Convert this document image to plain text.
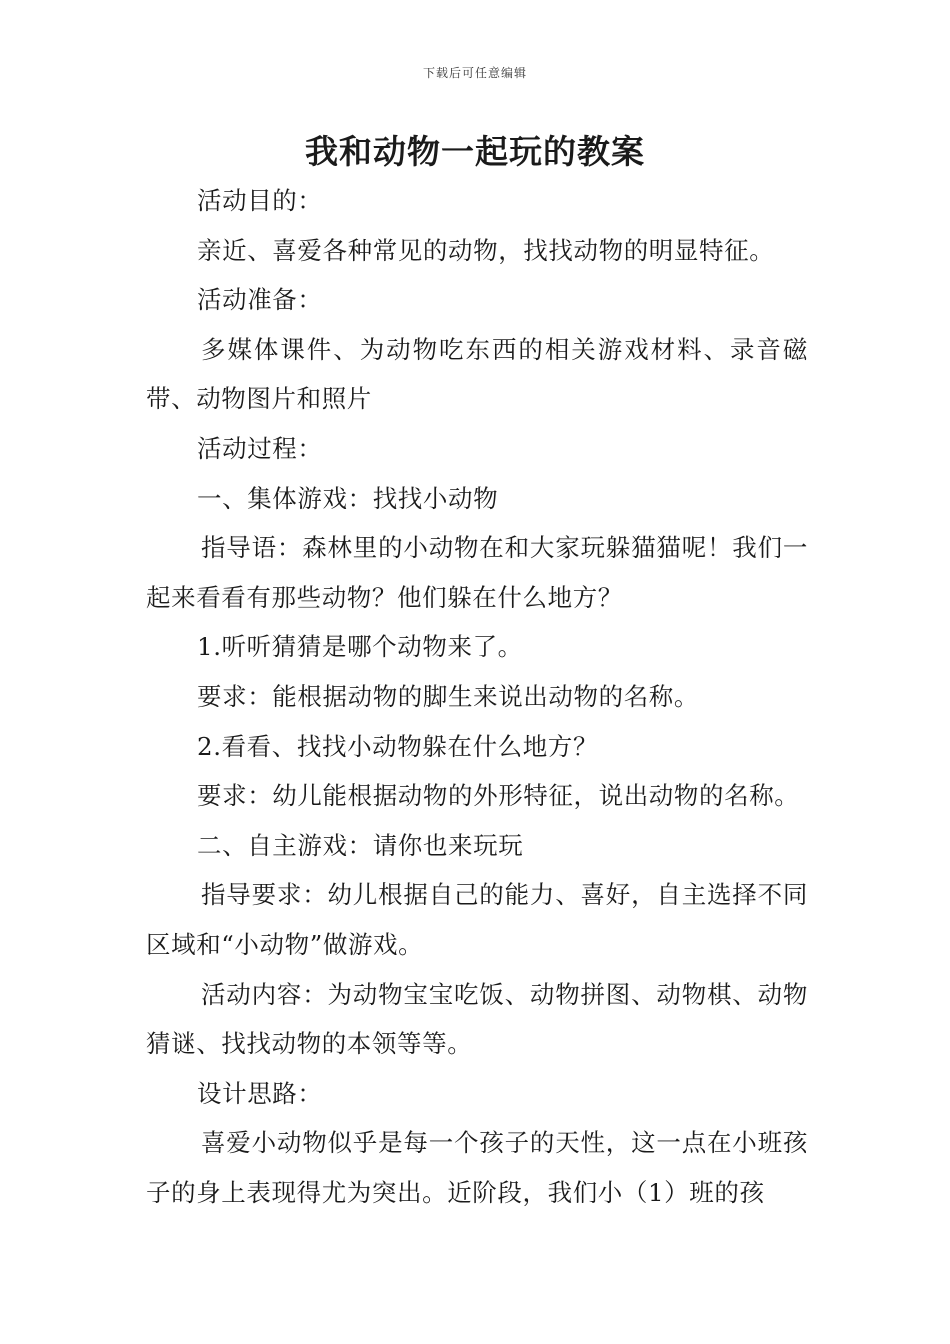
下载后可任意编辑
我和动物一起玩的教案

活动目的：

亲近、喜爱各种常见的动物，找找动物的明显特征。

活动准备：

多媒体课件、为动物吃东西的相关游戏材料、录音磁带、动物图片和照片

活动过程：

一、集体游戏：找找小动物

指导语：森林里的小动物在和大家玩躲猫猫呢！我们一起来看看有那些动物？他们躲在什么地方？

1.听听猜猜是哪个动物来了。

要求：能根据动物的脚生来说出动物的名称。

2.看看、找找小动物躲在什么地方？

要求：幼儿能根据动物的外形特征，说出动物的名称。

二、自主游戏：请你也来玩玩

指导要求：幼儿根据自己的能力、喜好，自主选择不同区域和“小动物”做游戏。

活动内容：为动物宝宝吃饭、动物拼图、动物棋、动物猜谜、找找动物的本领等等。

设计思路：

喜爱小动物似乎是每一个孩子的天性，这一点在小班孩子的身上表现得尤为突出。近阶段，我们小（1）班的孩
